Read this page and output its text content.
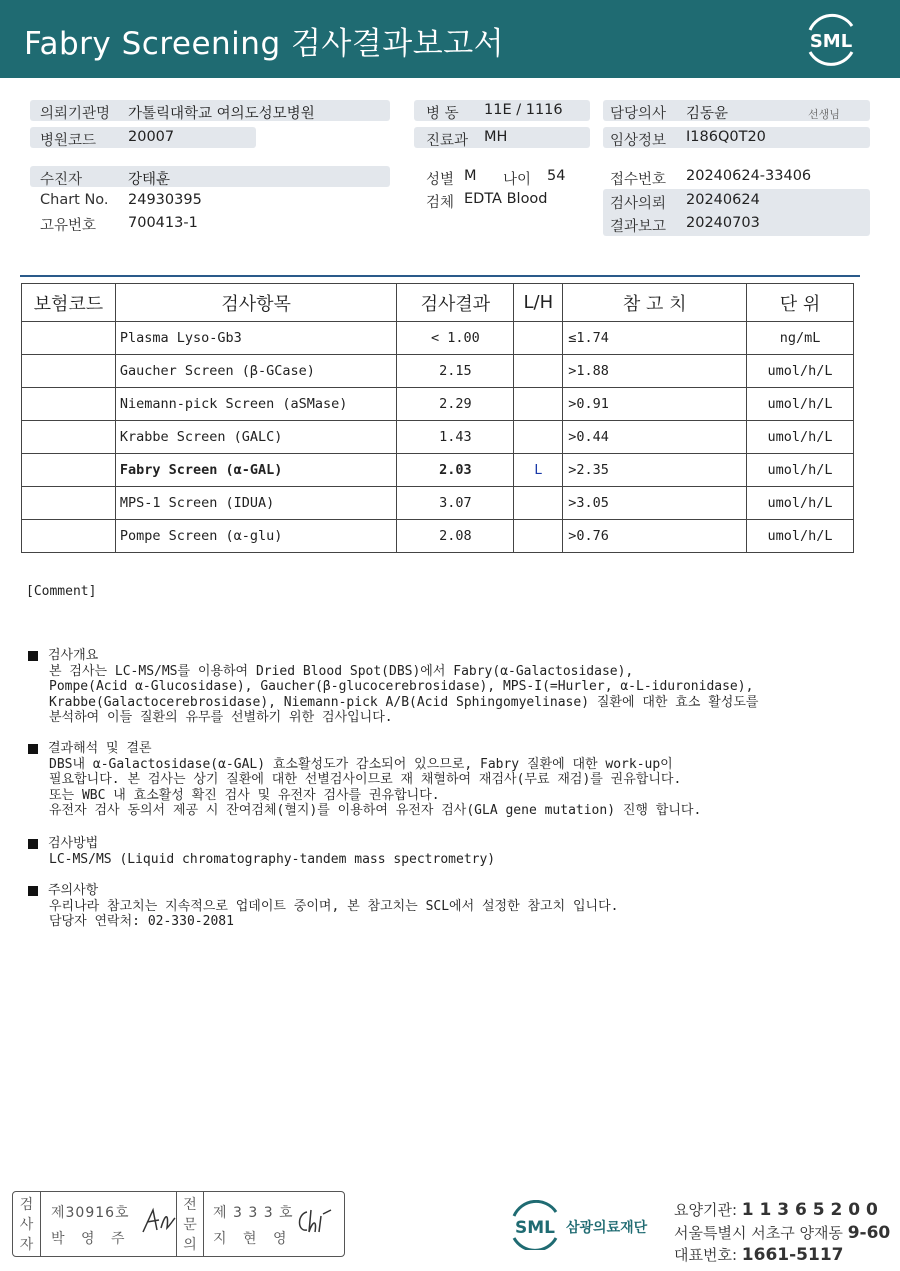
Fabry Screening 검사결과보고서	SML
의뢰기관명 가톨릭대학교 여의도성모병원
병원코드 20007
병 동 11E / 1116
진료과 MH
담당의사 김동윤	선생님
임상정보 I186Q0T20
수진자	강태훈
Chart No. 24930395
고유번호 700413-1
성별 M 나이 54
검체 EDTA Blood
접수번호 20240624-33406
검사의뢰 20240624
결과보고 20240703
보험코드	검사항목	검사결과	L/H	참 고 치	단 위
	Plasma Lyso-Gb3	< 1.00		≤1.74	ng/mL
	Gaucher Screen (β-GCase)	2.15		>1.88	umol/h/L
	Niemann-pick Screen (aSMase)	2.29		>0.91	umol/h/L
	Krabbe Screen (GALC)	1.43		>0.44	umol/h/L
	Fabry Screen (α-GAL)	2.03	L	>2.35	umol/h/L
	MPS-1 Screen (IDUA)	3.07		>3.05	umol/h/L
	Pompe Screen (α-glu)	2.08		>0.76	umol/h/L
[Comment]
검사개요
본 검사는 LC-MS/MS를 이용하여 Dried Blood Spot(DBS)에서 Fabry(α-Galactosidase),
Pompe(Acid α-Glucosidase), Gaucher(β-glucocerebrosidase), MPS-I(=Hurler, α-L-iduronidase),
Krabbe(Galactocerebrosidase), Niemann-pick A/B(Acid Sphingomyelinase) 질환에 대한 효소 활성도를
분석하여 이들 질환의 유무를 선별하기 위한 검사입니다.
결과해석 및 결론
DBS내 α-Galactosidase(α-GAL) 효소활성도가 감소되어 있으므로, Fabry 질환에 대한 work-up이
필요합니다. 본 검사는 상기 질환에 대한 선별검사이므로 재 채혈하여 재검사(무료 재검)를 권유합니다.
또는 WBC 내 효소활성 확진 검사 및 유전자 검사를 권유합니다.
유전자 검사 동의서 제공 시 잔여검체(혈지)를 이용하여 유전자 검사(GLA gene mutation) 진행 합니다.
검사방법
LC-MS/MS (Liquid chromatography-tandem mass spectrometry)
주의사항
우리나라 참고치는 지속적으로 업데이트 중이며, 본 참고치는 SCL에서 설정한 참고치 입니다.
담당자 연락처: 02-330-2081
검
사
자
제30916호
박 영 주
전
문
의
제 3 3 3 호
지 현 영
SML 삼광의료재단
요양기관: 1 1 3 6 5 2 0 0
서울특별시 서초구 양재동 9-60
대표번호: 1661-5117
